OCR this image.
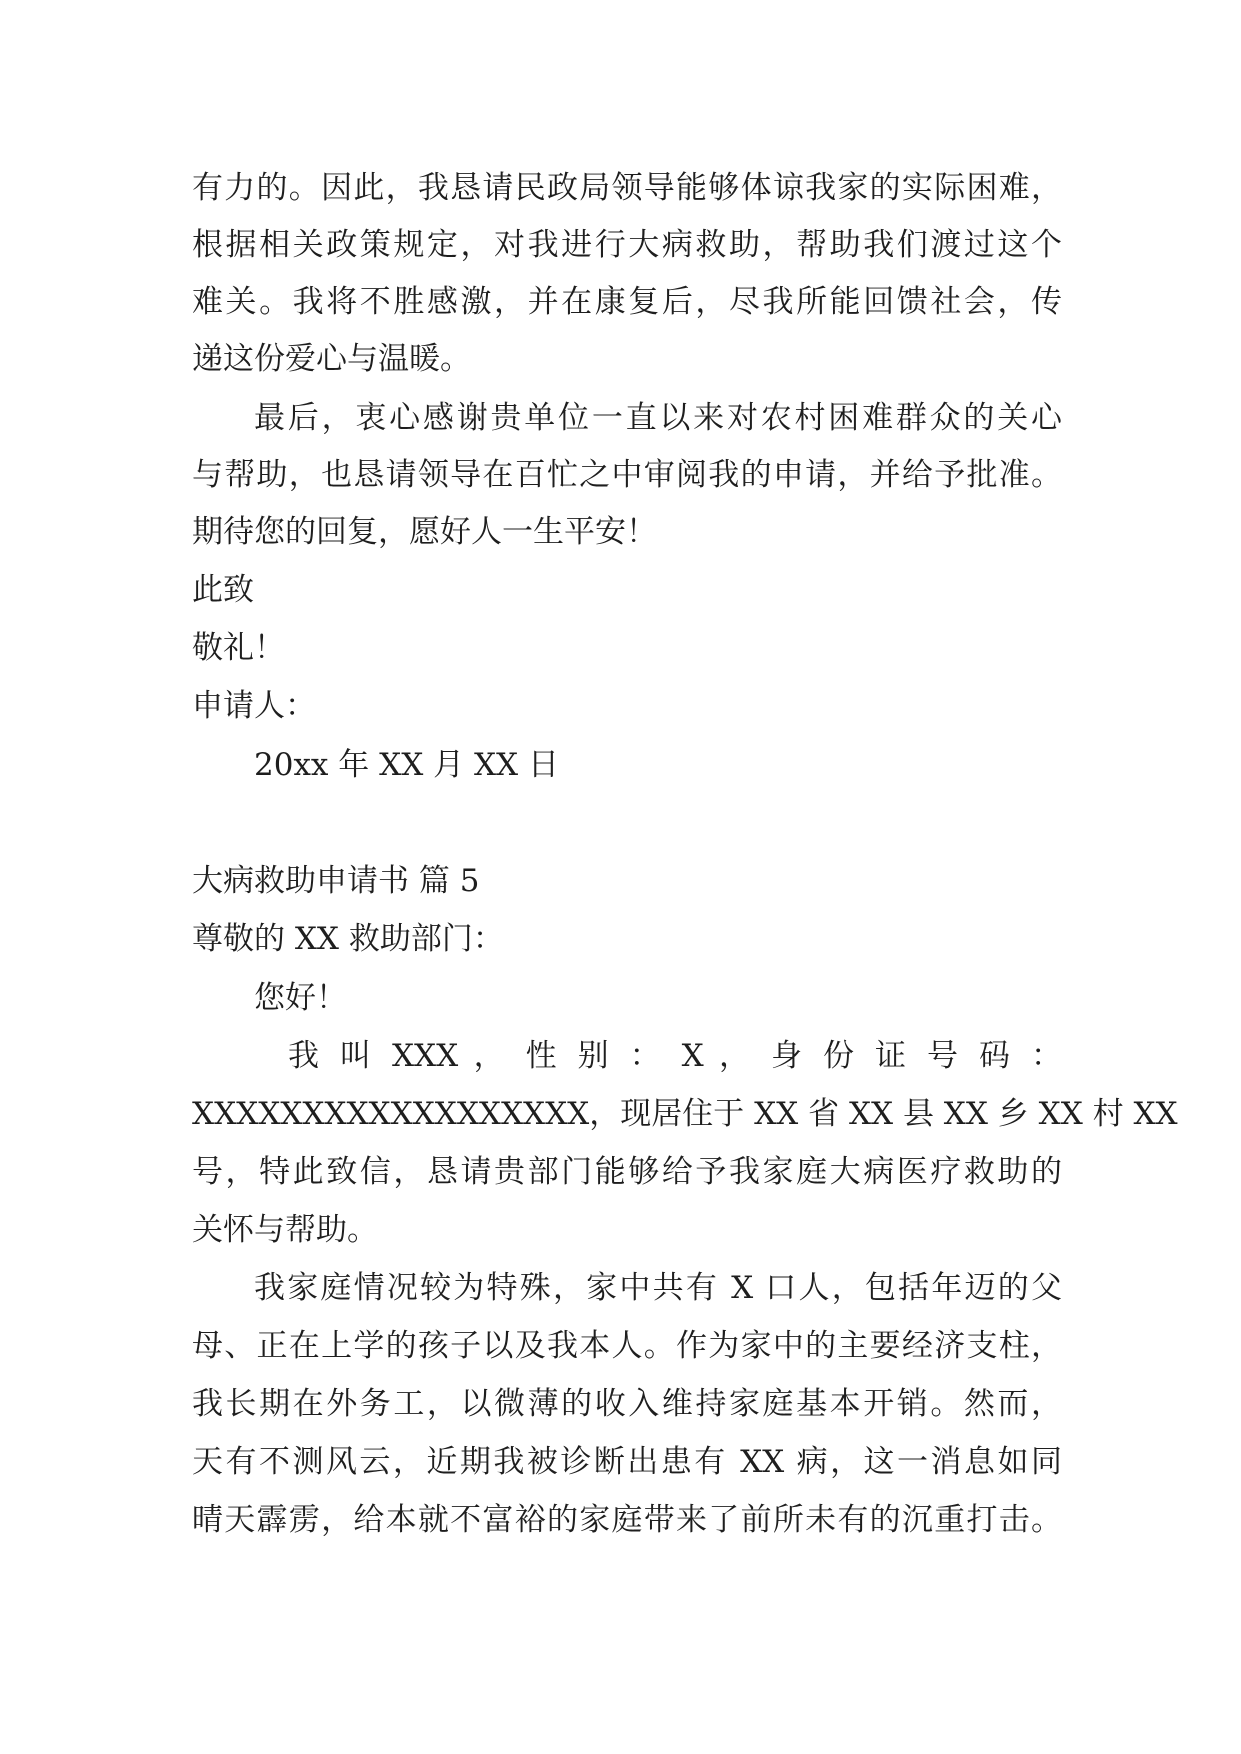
有力的。因此，我恳请民政局领导能够体谅我家的实际困难，
根据相关政策规定，对我进行大病救助，帮助我们渡过这个
难关。我将不胜感激，并在康复后，尽我所能回馈社会，传
递这份爱心与温暖。
最后，衷心感谢贵单位一直以来对农村困难群众的关心
与帮助，也恳请领导在百忙之中审阅我的申请，并给予批准。
期待您的回复，愿好人一生平安！
此致
敬礼！
申请人：
20xx 年 XX 月 XX 日
大病救助申请书 篇 5
尊敬的 XX 救助部门：
您好！
我 叫 XXX ， 性 别 ： X ， 身 份 证 号 码 ：
XXXXXXXXXXXXXXXXXX，现居住于 XX 省 XX 县 XX 乡 XX 村 XX
号，特此致信，恳请贵部门能够给予我家庭大病医疗救助的
关怀与帮助。
我家庭情况较为特殊，家中共有 X 口人，包括年迈的父
母、正在上学的孩子以及我本人。作为家中的主要经济支柱，
我长期在外务工，以微薄的收入维持家庭基本开销。然而，
天有不测风云，近期我被诊断出患有 XX 病，这一消息如同
晴天霹雳，给本就不富裕的家庭带来了前所未有的沉重打击。
